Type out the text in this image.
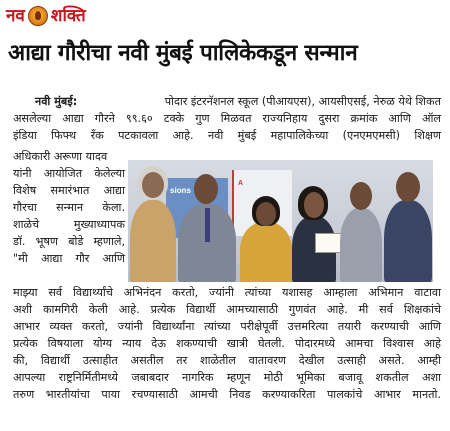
नव शक्ति
आद्या गौरीचा नवी मुंबई पालिकेकडून सन्मान
नवी मुंबई:	पोदार इंटरनॅशनल स्कूल (पीआयएस), आयसीएसई, नेरुळ येथे शिकत
असलेल्या आद्या गौरने ९९.६० टक्के गुण मिळवत राज्यनिहाय दुसरा क्रमांक आणि ऑल
इंडिया फिफ्थ रँक पटकावला आहे. नवी मुंबई महापालिकेच्या (एनएमएमसी) शिक्षण
अधिकारी अरूणा यादव
यांनी आयोजित केलेल्या
विशेष समारंभात आद्या
गौरचा सन्मान केला.
शाळेचे मुख्याध्यापक
डॉ. भूषण बोडे म्हणाले,
"मी आद्या गौर आणि
sions
A
माझ्या सर्व विद्यार्थ्यांचे अभिनंदन करतो, ज्यांनी त्यांच्या यशासह आम्हाला अभिमान वाटावा
अशी कामगिरी केली आहे. प्रत्येक विद्यार्थी आमच्यासाठी गुणवंत आहे. मी सर्व शिक्षकांचे
आभार व्यक्त करतो, ज्यांनी विद्यार्थ्यांना त्यांच्या परीक्षेपूर्वी उत्तमरित्या तयारी करण्याची आणि
प्रत्येक विषयाला योग्य न्याय देऊ शकण्याची खात्री घेतली. पोदारमध्ये आमचा विश्वास आहे
की, विद्यार्थी उत्साहीत असतील तर शाळेतील वातावरण देखील उत्साही असते. आम्ही
आपल्या राष्ट्रनिर्मितीमध्ये जबाबदार नागरिक म्हणून मोठी भूमिका बजावू शकतील अशा
तरुण भारतीयांचा पाया रचण्यासाठी आमची निवड करण्याकरिता पालकांचे आभार मानतो.
